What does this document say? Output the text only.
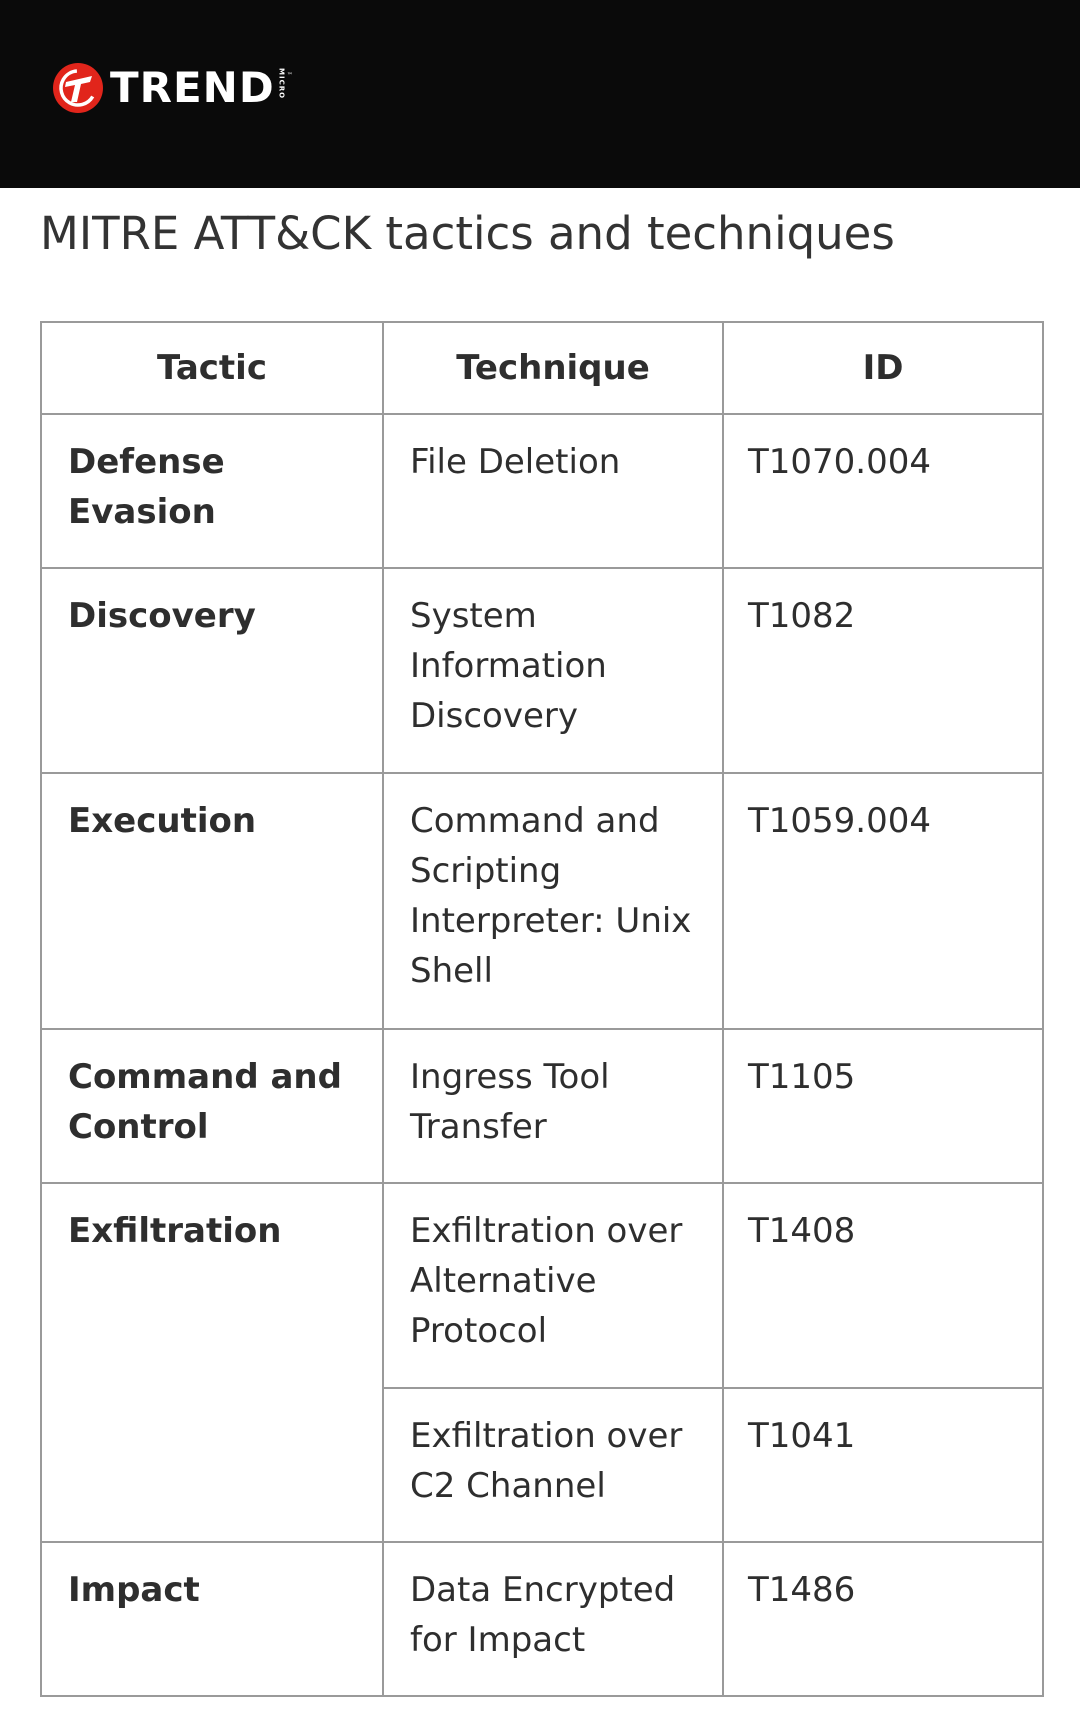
TREND MICRO ™
MITRE ATT&CK tactics and techniques
Tactic	Technique	ID
Defense Evasion	File Deletion	T1070.004
Discovery	System Information Discovery	T1082
Execution	Command and Scripting Interpreter: Unix Shell	T1059.004
Command and Control	Ingress Tool Transfer	T1105
Exfiltration	Exfiltration over Alternative Protocol	T1408
	Exfiltration over C2 Channel	T1041
Impact	Data Encrypted for Impact	T1486
